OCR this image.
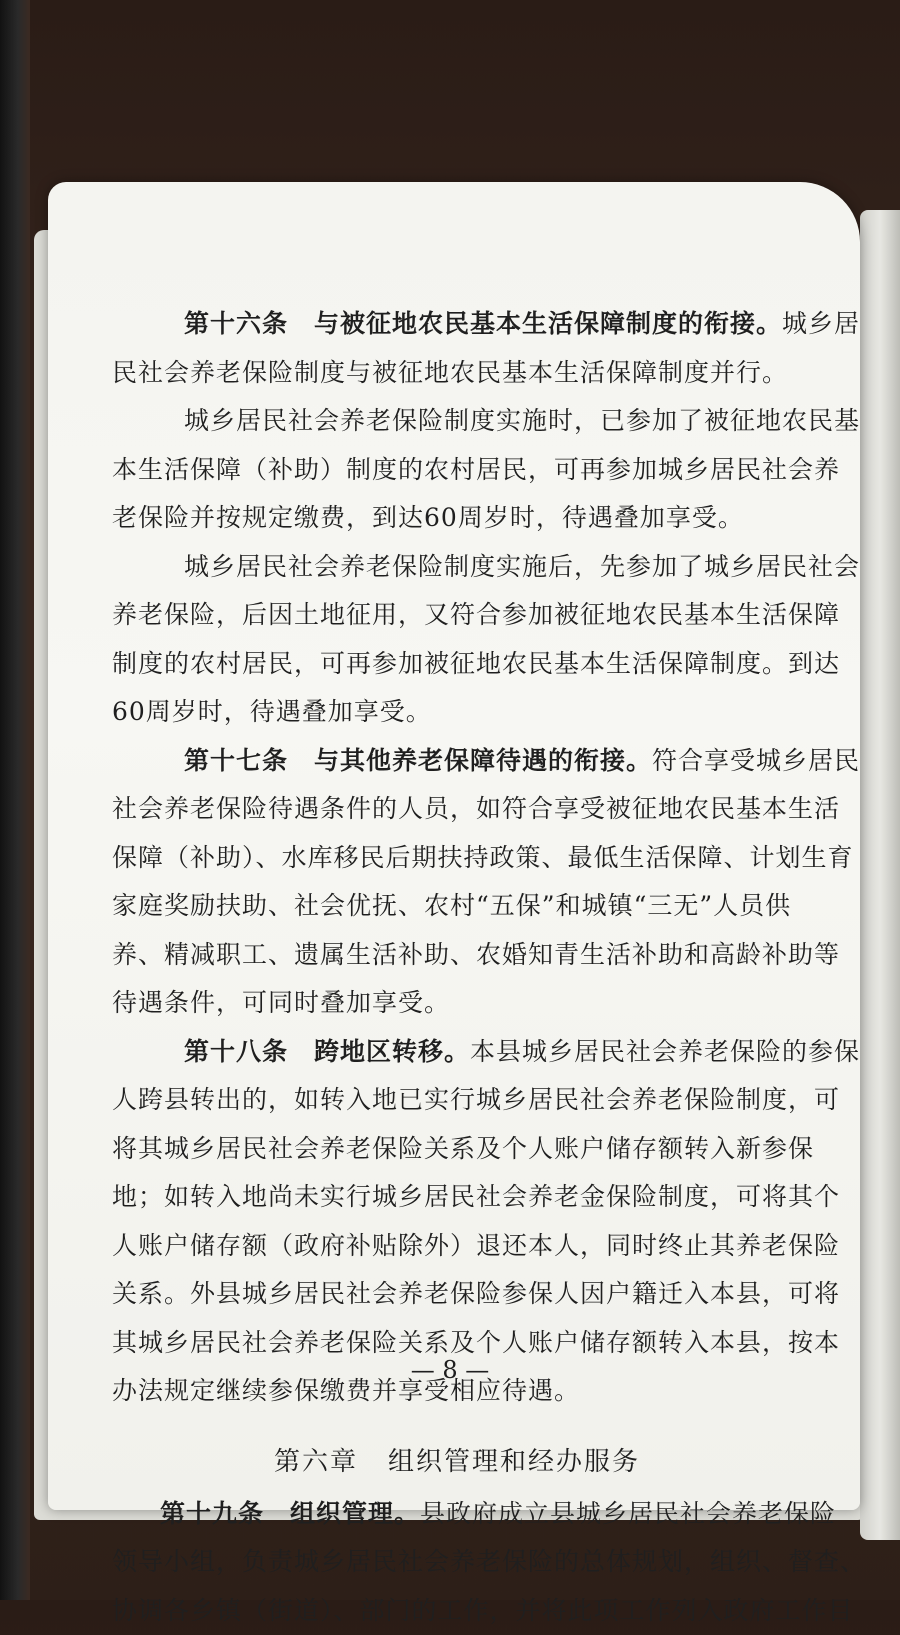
第十六条 与被征地农民基本生活保障制度的衔接。城乡居
民社会养老保险制度与被征地农民基本生活保障制度并行。
城乡居民社会养老保险制度实施时，已参加了被征地农民基
本生活保障（补助）制度的农村居民，可再参加城乡居民社会养
老保险并按规定缴费，到达60周岁时，待遇叠加享受。
城乡居民社会养老保险制度实施后，先参加了城乡居民社会
养老保险，后因土地征用，又符合参加被征地农民基本生活保障
制度的农村居民，可再参加被征地农民基本生活保障制度。到达
60周岁时，待遇叠加享受。
第十七条 与其他养老保障待遇的衔接。符合享受城乡居民
社会养老保险待遇条件的人员，如符合享受被征地农民基本生活
保障（补助）、水库移民后期扶持政策、最低生活保障、计划生育
家庭奖励扶助、社会优抚、农村“五保”和城镇“三无”人员供
养、精减职工、遗属生活补助、农婚知青生活补助和高龄补助等
待遇条件，可同时叠加享受。
第十八条 跨地区转移。本县城乡居民社会养老保险的参保
人跨县转出的，如转入地已实行城乡居民社会养老保险制度，可
将其城乡居民社会养老保险关系及个人账户储存额转入新参保
地；如转入地尚未实行城乡居民社会养老金保险制度，可将其个
人账户储存额（政府补贴除外）退还本人，同时终止其养老保险
关系。外县城乡居民社会养老保险参保人因户籍迁入本县，可将
其城乡居民社会养老保险关系及个人账户储存额转入本县，按本
办法规定继续参保缴费并享受相应待遇。
第六章 组织管理和经办服务
第十九条 组织管理。县政府成立县城乡居民社会养老保险
领导小组，负责城乡居民社会养老保险的总体规划，组织、督查、
协调各乡镇（街道）、部门的工作，并将此项工作列入政府工作目
— 8 —
